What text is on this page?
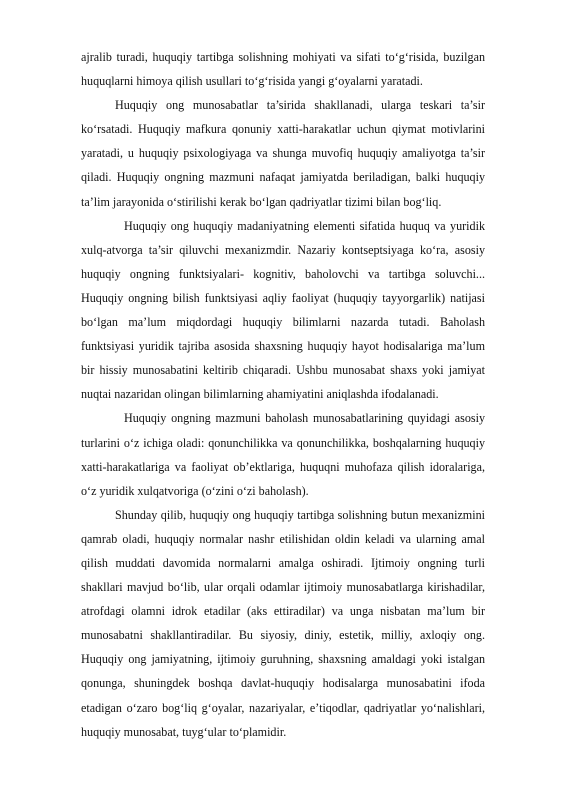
ajralib turadi, huquqiy tartibga solishning mohiyati va sifati to‘g‘risida, buzilgan huquqlarni himoya qilish usullari to‘g‘risida yangi g‘oyalarni yaratadi.

Huquqiy ong munosabatlar ta’sirida shakllanadi, ularga teskari ta’sir ko‘rsatadi. Huquqiy mafkura qonuniy xatti-harakatlar uchun qiymat motivlarini yaratadi, u huquqiy psixologiyaga va shunga muvofiq huquqiy amaliyotga ta’sir qiladi. Huquqiy ongning mazmuni nafaqat jamiyatda beriladigan, balki huquqiy ta’lim jarayonida o‘stirilishi kerak bo‘lgan qadriyatlar tizimi bilan bog‘liq.

Huquqiy ong huquqiy madaniyatning elementi sifatida huquq va yuridik xulq-atvorga ta’sir qiluvchi mexanizmdir. Nazariy kontseptsiyaga ko‘ra, asosiy huquqiy ongning funktsiyalari- kognitiv, baholovchi va tartibga soluvchi... Huquqiy ongning bilish funktsiyasi aqliy faoliyat (huquqiy tayyorgarlik) natijasi bo‘lgan ma’lum miqdordagi huquqiy bilimlarni nazarda tutadi. Baholash funktsiyasi yuridik tajriba asosida shaxsning huquqiy hayot hodisalariga ma’lum bir hissiy munosabatini keltirib chiqaradi. Ushbu munosabat shaxs yoki jamiyat nuqtai nazaridan olingan bilimlarning ahamiyatini aniqlashda ifodalanadi.

Huquqiy ongning mazmuni baholash munosabatlarining quyidagi asosiy turlarini o‘z ichiga oladi: qonunchilikka va qonunchilikka, boshqalarning huquqiy xatti-harakatlariga va faoliyat ob’ektlariga, huquqni muhofaza qilish idoralariga, o‘z yuridik xulqatvoriga (o‘zini o‘zi baholash).

Shunday qilib, huquqiy ong huquqiy tartibga solishning butun mexanizmini qamrab oladi, huquqiy normalar nashr etilishidan oldin keladi va ularning amal qilish muddati davomida normalarni amalga oshiradi. Ijtimoiy ongning turli shakllari mavjud bo‘lib, ular orqali odamlar ijtimoiy munosabatlarga kirishadilar, atrofdagi olamni idrok etadilar (aks ettiradilar) va unga nisbatan ma’lum bir munosabatni shakllantiradilar. Bu siyosiy, diniy, estetik, milliy, axloqiy ong. Huquqiy ong jamiyatning, ijtimoiy guruhning, shaxsning amaldagi yoki istalgan qonunga, shuningdek boshqa davlat-huquqiy hodisalarga munosabatini ifoda etadigan o‘zaro bog‘liq g‘oyalar, nazariyalar, e’tiqodlar, qadriyatlar yo‘nalishlari, huquqiy munosabat, tuyg‘ular to‘plamidir.
